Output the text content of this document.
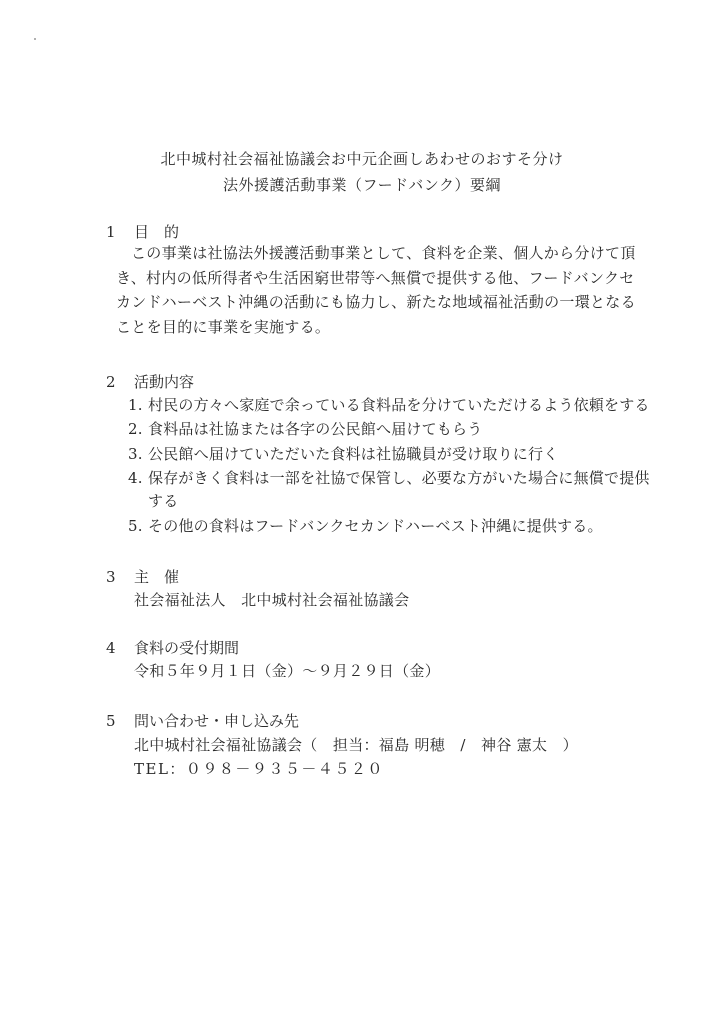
北中城村社会福祉協議会お中元企画しあわせのおすそ分け
法外援護活動事業（フードバンク）要綱
1 目　的
この事業は社協法外援護活動事業として、食料を企業、個人から分けて頂き、村内の低所得者や生活困窮世帯等へ無償で提供する他、フードバンクセカンドハーベスト沖縄の活動にも協力し、新たな地域福祉活動の一環となることを目的に事業を実施する。
2 活動内容
1. 村民の方々へ家庭で余っている食料品を分けていただけるよう依頼をする
2. 食料品は社協または各字の公民館へ届けてもらう
3. 公民館へ届けていただいた食料は社協職員が受け取りに行く
4. 保存がきく食料は一部を社協で保管し、必要な方がいた場合に無償で提供
する
5. その他の食料はフードバンクセカンドハーベスト沖縄に提供する。
3 主　催
社会福祉法人　北中城村社会福祉協議会
4 食料の受付期間
令和５年９月１日（金）～９月２９日（金）
5 問い合わせ・申し込み先
北中城村社会福祉協議会（　担当：福島 明穂　/　神谷 憲太　）
TEL：０９８－９３５－４５２０
